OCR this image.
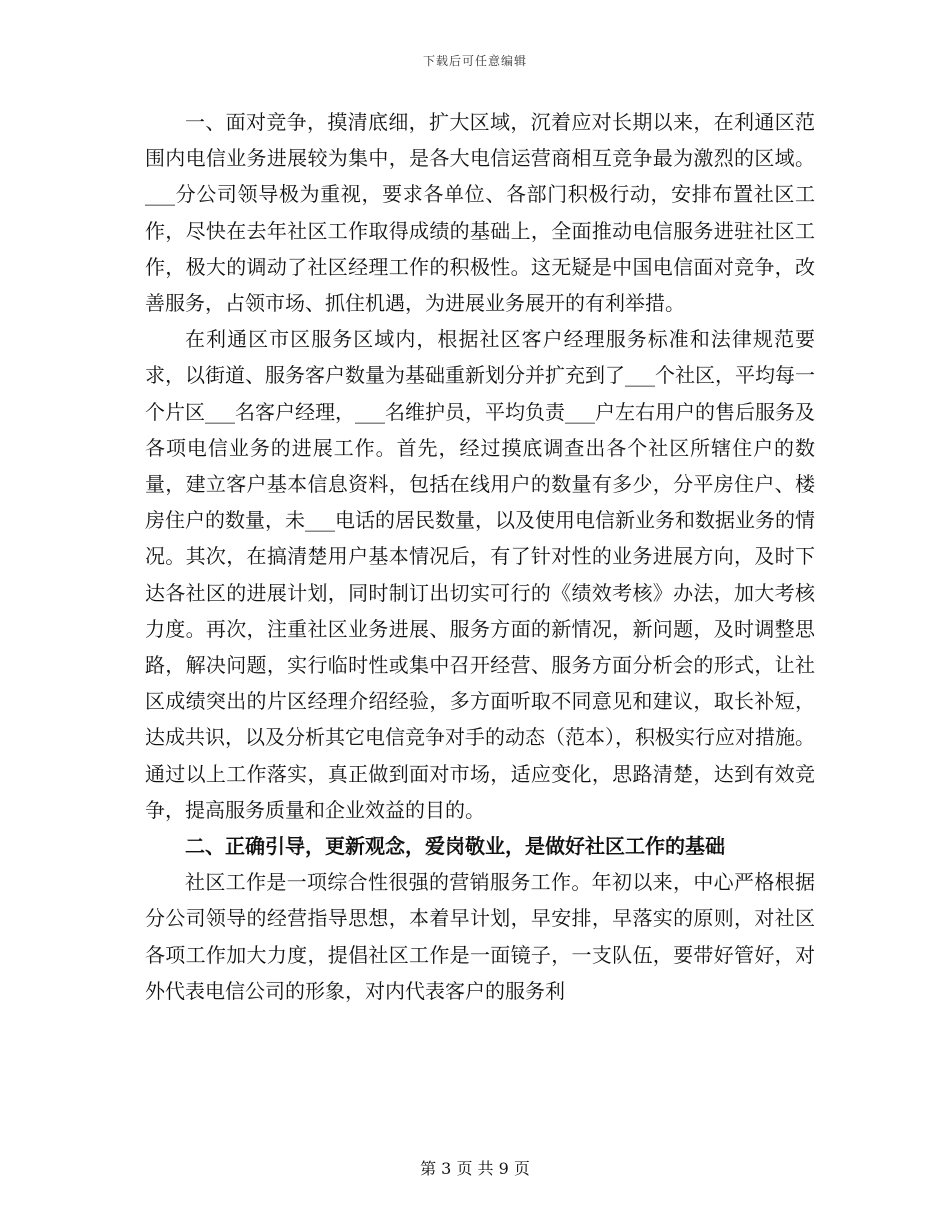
下载后可任意编辑

一、面对竞争，摸清底细，扩大区域，沉着应对长期以来，在利通区范围内电信业务进展较为集中，是各大电信运营商相互竞争最为激烈的区域。___分公司领导极为重视，要求各单位、各部门积极行动，安排布置社区工作，尽快在去年社区工作取得成绩的基础上，全面推动电信服务进驻社区工作，极大的调动了社区经理工作的积极性。这无疑是中国电信面对竞争，改善服务，占领市场、抓住机遇，为进展业务展开的有利举措。

在利通区市区服务区域内，根据社区客户经理服务标准和法律规范要求，以街道、服务客户数量为基础重新划分并扩充到了___个社区，平均每一个片区___名客户经理，___名维护员，平均负责___户左右用户的售后服务及各项电信业务的进展工作。首先，经过摸底调查出各个社区所辖住户的数量，建立客户基本信息资料，包括在线用户的数量有多少，分平房住户、楼房住户的数量，未___电话的居民数量，以及使用电信新业务和数据业务的情况。其次，在搞清楚用户基本情况后，有了针对性的业务进展方向，及时下达各社区的进展计划，同时制订出切实可行的《绩效考核》办法，加大考核力度。再次，注重社区业务进展、服务方面的新情况，新问题，及时调整思路，解决问题，实行临时性或集中召开经营、服务方面分析会的形式，让社区成绩突出的片区经理介绍经验，多方面听取不同意见和建议，取长补短，达成共识，以及分析其它电信竞争对手的动态（范本），积极实行应对措施。通过以上工作落实，真正做到面对市场，适应变化，思路清楚，达到有效竞争，提高服务质量和企业效益的目的。

二、正确引导，更新观念，爱岗敬业，是做好社区工作的基础

社区工作是一项综合性很强的营销服务工作。年初以来，中心严格根据分公司领导的经营指导思想，本着早计划，早安排，早落实的原则，对社区各项工作加大力度，提倡社区工作是一面镜子，一支队伍，要带好管好，对外代表电信公司的形象，对内代表客户的服务利

第 3 页 共 9 页
